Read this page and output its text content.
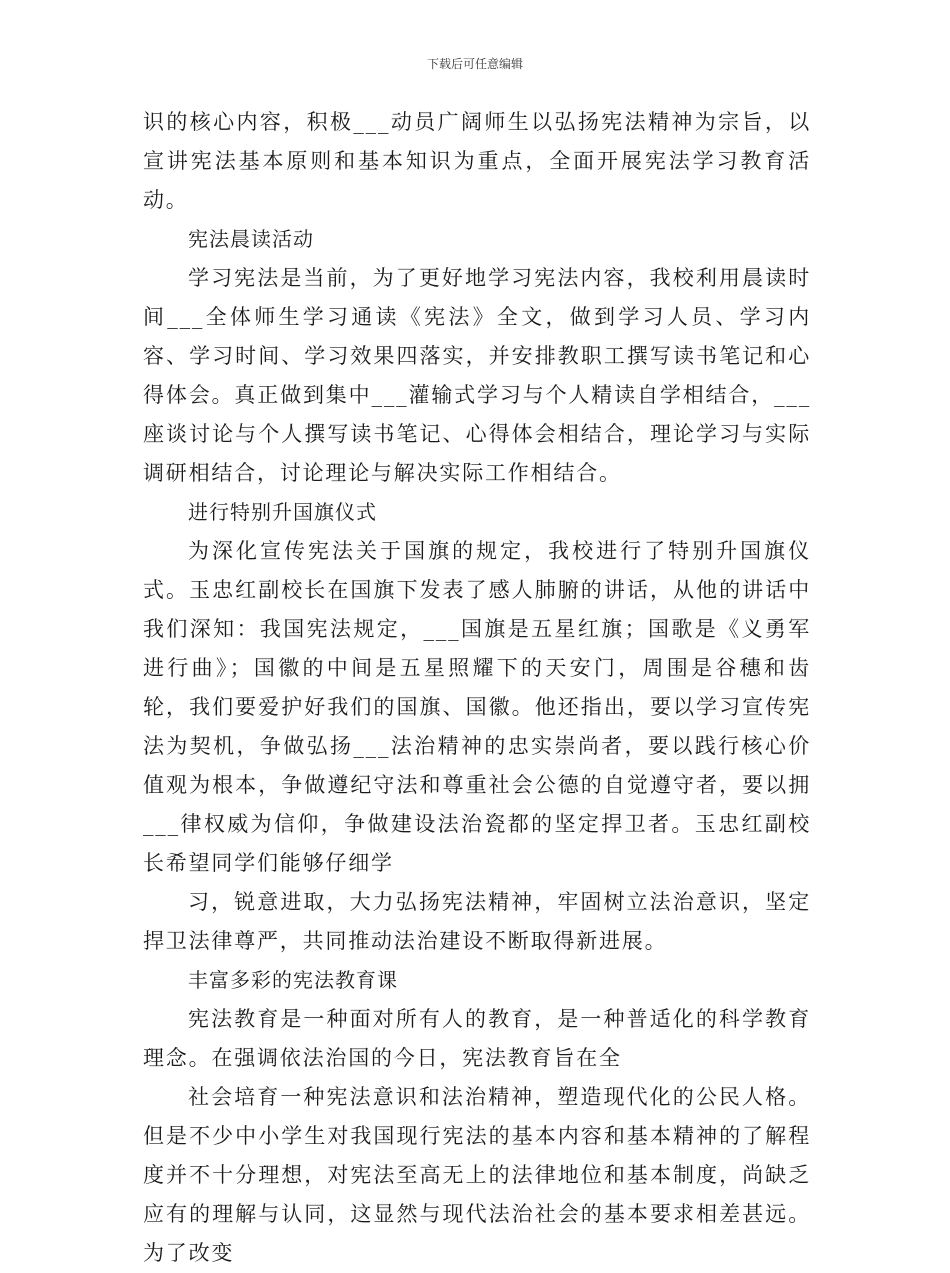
下载后可任意编辑

识的核心内容，积极___动员广阔师生以弘扬宪法精神为宗旨，以宣讲宪法基本原则和基本知识为重点，全面开展宪法学习教育活动。

宪法晨读活动

学习宪法是当前，为了更好地学习宪法内容，我校利用晨读时间___全体师生学习通读《宪法》全文，做到学习人员、学习内容、学习时间、学习效果四落实，并安排教职工撰写读书笔记和心得体会。真正做到集中___灌输式学习与个人精读自学相结合，___座谈讨论与个人撰写读书笔记、心得体会相结合，理论学习与实际调研相结合，讨论理论与解决实际工作相结合。

进行特别升国旗仪式

为深化宣传宪法关于国旗的规定，我校进行了特别升国旗仪式。玉忠红副校长在国旗下发表了感人肺腑的讲话，从他的讲话中我们深知：我国宪法规定，___国旗是五星红旗；国歌是《义勇军进行曲》；国徽的中间是五星照耀下的天安门，周围是谷穗和齿轮，我们要爱护好我们的国旗、国徽。他还指出，要以学习宣传宪法为契机，争做弘扬___法治精神的忠实崇尚者，要以践行核心价值观为根本，争做遵纪守法和尊重社会公德的自觉遵守者，要以拥___律权威为信仰，争做建设法治瓷都的坚定捍卫者。玉忠红副校长希望同学们能够仔细学

习，锐意进取，大力弘扬宪法精神，牢固树立法治意识，坚定捍卫法律尊严，共同推动法治建设不断取得新进展。

丰富多彩的宪法教育课

宪法教育是一种面对所有人的教育，是一种普适化的科学教育理念。在强调依法治国的今日，宪法教育旨在全

社会培育一种宪法意识和法治精神，塑造现代化的公民人格。但是不少中小学生对我国现行宪法的基本内容和基本精神的了解程度并不十分理想，对宪法至高无上的法律地位和基本制度，尚缺乏应有的理解与认同，这显然与现代法治社会的基本要求相差甚远。为了改变
